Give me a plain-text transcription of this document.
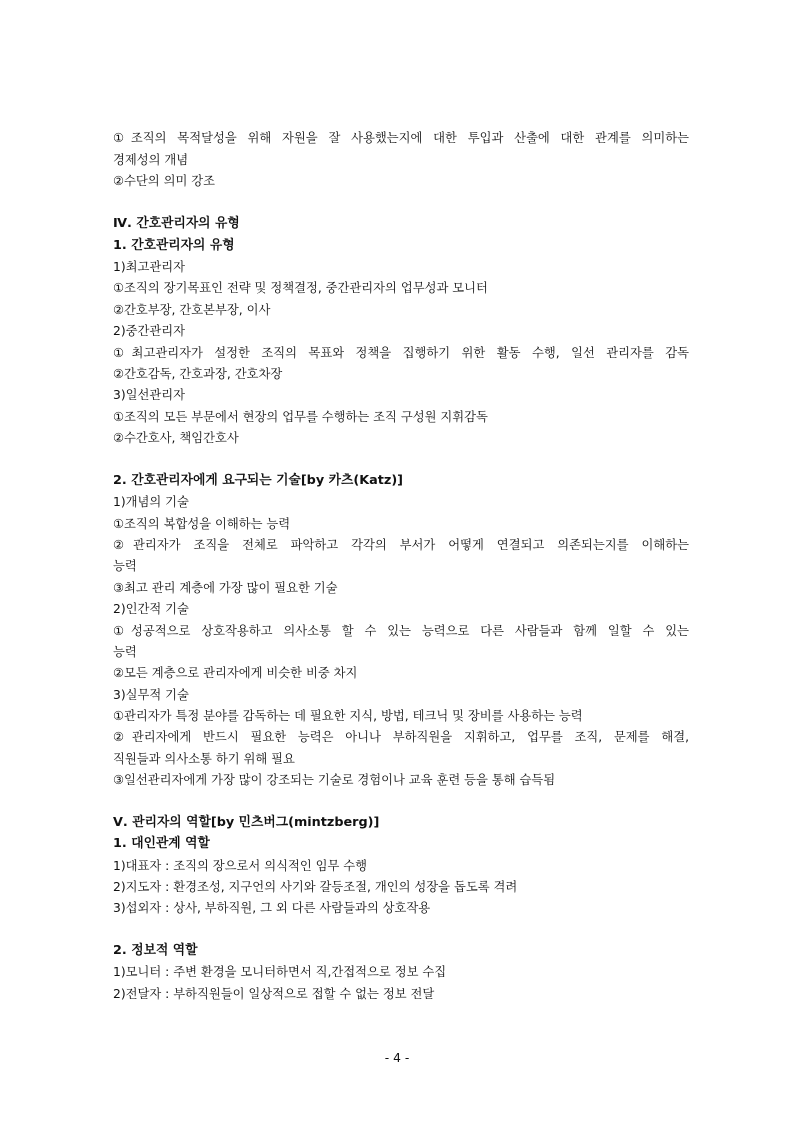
①조직의 목적달성을 위해 자원을 잘 사용했는지에 대한 투입과 산출에 대한 관계를 의미하는
경제성의 개념
②수단의 의미 강조
Ⅳ. 간호관리자의 유형
1. 간호관리자의 유형
1)최고관리자
①조직의 장기목표인 전략 및 정책결정, 중간관리자의 업무성과 모니터
②간호부장, 간호본부장, 이사
2)중간관리자
①최고관리자가 설정한 조직의 목표와 정책을 집행하기 위한 활동 수행, 일선 관리자를 감독
②간호감독, 간호과장, 간호차장
3)일선관리자
①조직의 모든 부문에서 현장의 업무를 수행하는 조직 구성원 지휘감독
②수간호사, 책임간호사
2. 간호관리자에게 요구되는 기술[by 카츠(Katz)]
1)개념의 기술
①조직의 복합성을 이해하는 능력
②관리자가 조직을 전체로 파악하고 각각의 부서가 어떻게 연결되고 의존되는지를 이해하는
능력
③최고 관리 계층에 가장 많이 필요한 기술
2)인간적 기술
①성공적으로 상호작용하고 의사소통 할 수 있는 능력으로 다른 사람들과 함께 일할 수 있는
능력
②모든 계층으로 관리자에게 비슷한 비중 차지
3)실무적 기술
①관리자가 특정 분야를 감독하는 데 필요한 지식, 방법, 테크닉 및 장비를 사용하는 능력
②관리자에게 반드시 필요한 능력은 아니나 부하직원을 지휘하고, 업무를 조직, 문제를 해결,
직원들과 의사소통 하기 위해 필요
③일선관리자에게 가장 많이 강조되는 기술로 경험이나 교육 훈련 등을 통해 습득됨
Ⅴ. 관리자의 역할[by 민츠버그(mintzberg)]
1. 대인관계 역할
1)대표자 : 조직의 장으로서 의식적인 임무 수행
2)지도자 : 환경조성, 지구언의 사기와 갈등조절, 개인의 성장을 돕도록 격려
3)섭외자 : 상사, 부하직원, 그 외 다른 사람들과의 상호작용
2. 정보적 역할
1)모니터 : 주변 환경을 모니터하면서 직,간접적으로 정보 수집
2)전달자 : 부하직원들이 일상적으로 접할 수 없는 정보 전달
- 4 -
